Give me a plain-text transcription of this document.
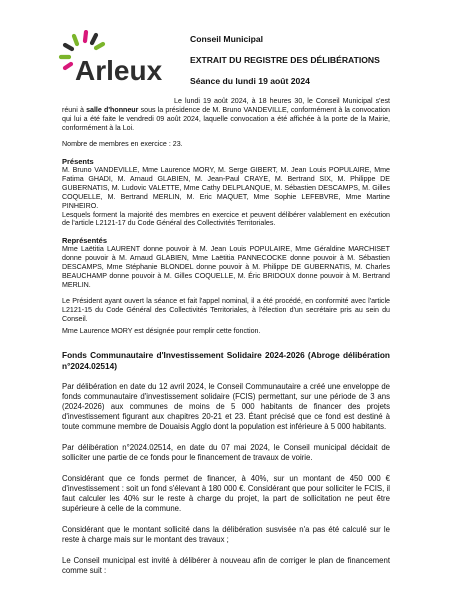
Arleux
Conseil Municipal
EXTRAIT DU REGISTRE DES DÉLIBÉRATIONS
Séance du lundi 19 août 2024
Le lundi 19 août 2024, à 18 heures 30, le Conseil Municipal s'est réuni à salle d'honneur sous la présidence de M. Bruno VANDEVILLE, conformément à la convocation qui lui a été faite le vendredi 09 août 2024, laquelle convocation a été affichée à la porte de la Mairie, conformément à la Loi.
Nombre de membres en exercice : 23.
Présents
M. Bruno VANDEVILLE, Mme Laurence MORY, M. Serge GIBERT, M. Jean Louis POPULAIRE, Mme Fatima GHADI, M. Arnaud GLABIEN, M. Jean-Paul CRAYE, M. Bertrand SIX, M. Philippe DE GUBERNATIS, M. Ludovic VALETTE, Mme Cathy DELPLANQUE, M. Sébastien DESCAMPS, M. Gilles COQUELLE, M. Bertrand MERLIN, M. Eric MAQUET, Mme Sophie LEFEBVRE, Mme Martine PINHEIRO.
Lesquels forment la majorité des membres en exercice et peuvent délibérer valablement en exécution de l'article L2121-17 du Code Général des Collectivités Territoriales.
Représentés
Mme Laëtitia LAURENT donne pouvoir à M. Jean Louis POPULAIRE, Mme Géraldine MARCHISET donne pouvoir à M. Arnaud GLABIEN, Mme Laëtitia PANNECOCKE donne pouvoir à M. Sébastien DESCAMPS, Mme Stéphanie BLONDEL donne pouvoir à M. Philippe DE GUBERNATIS, M. Charles BEAUCHAMP donne pouvoir à M. Gilles COQUELLE, M. Éric BRIDOUX donne pouvoir à M. Bertrand MERLIN.
Le Président ayant ouvert la séance et fait l'appel nominal, il a été procédé, en conformité avec l'article L2121-15 du Code Général des Collectivités Territoriales, à l'élection d'un secrétaire pris au sein du Conseil.
Mme Laurence MORY est désignée pour remplir cette fonction.
Fonds Communautaire d'Investissement Solidaire 2024-2026 (Abroge délibération n°2024.02514)
Par délibération en date du 12 avril 2024, le Conseil Communautaire a créé une enveloppe de fonds communautaire d'investissement solidaire (FCIS) permettant, sur une période de 3 ans (2024-2026) aux communes de moins de 5 000 habitants de financer des projets d'investissement figurant aux chapitres 20-21 et 23. Étant précisé que ce fond est destiné à toute commune membre de Douaisis Agglo dont la population est inférieure à 5 000 habitants.
Par délibération n°2024.02514, en date du 07 mai 2024, le Conseil municipal décidait de solliciter une partie de ce fonds pour le financement de travaux de voirie.
Considérant que ce fonds permet de financer, à 40%, sur un montant de 450 000 € d'investissement : soit un fond s'élevant à 180 000 €. Considérant que pour solliciter le FCIS, il faut calculer les 40% sur le reste à charge du projet, la part de sollicitation ne peut être supérieure à celle de la commune.
Considérant que le montant sollicité dans la délibération susvisée n'a pas été calculé sur le reste à charge mais sur le montant des travaux ;
Le Conseil municipal est invité à délibérer à nouveau afin de corriger le plan de financement comme suit :
